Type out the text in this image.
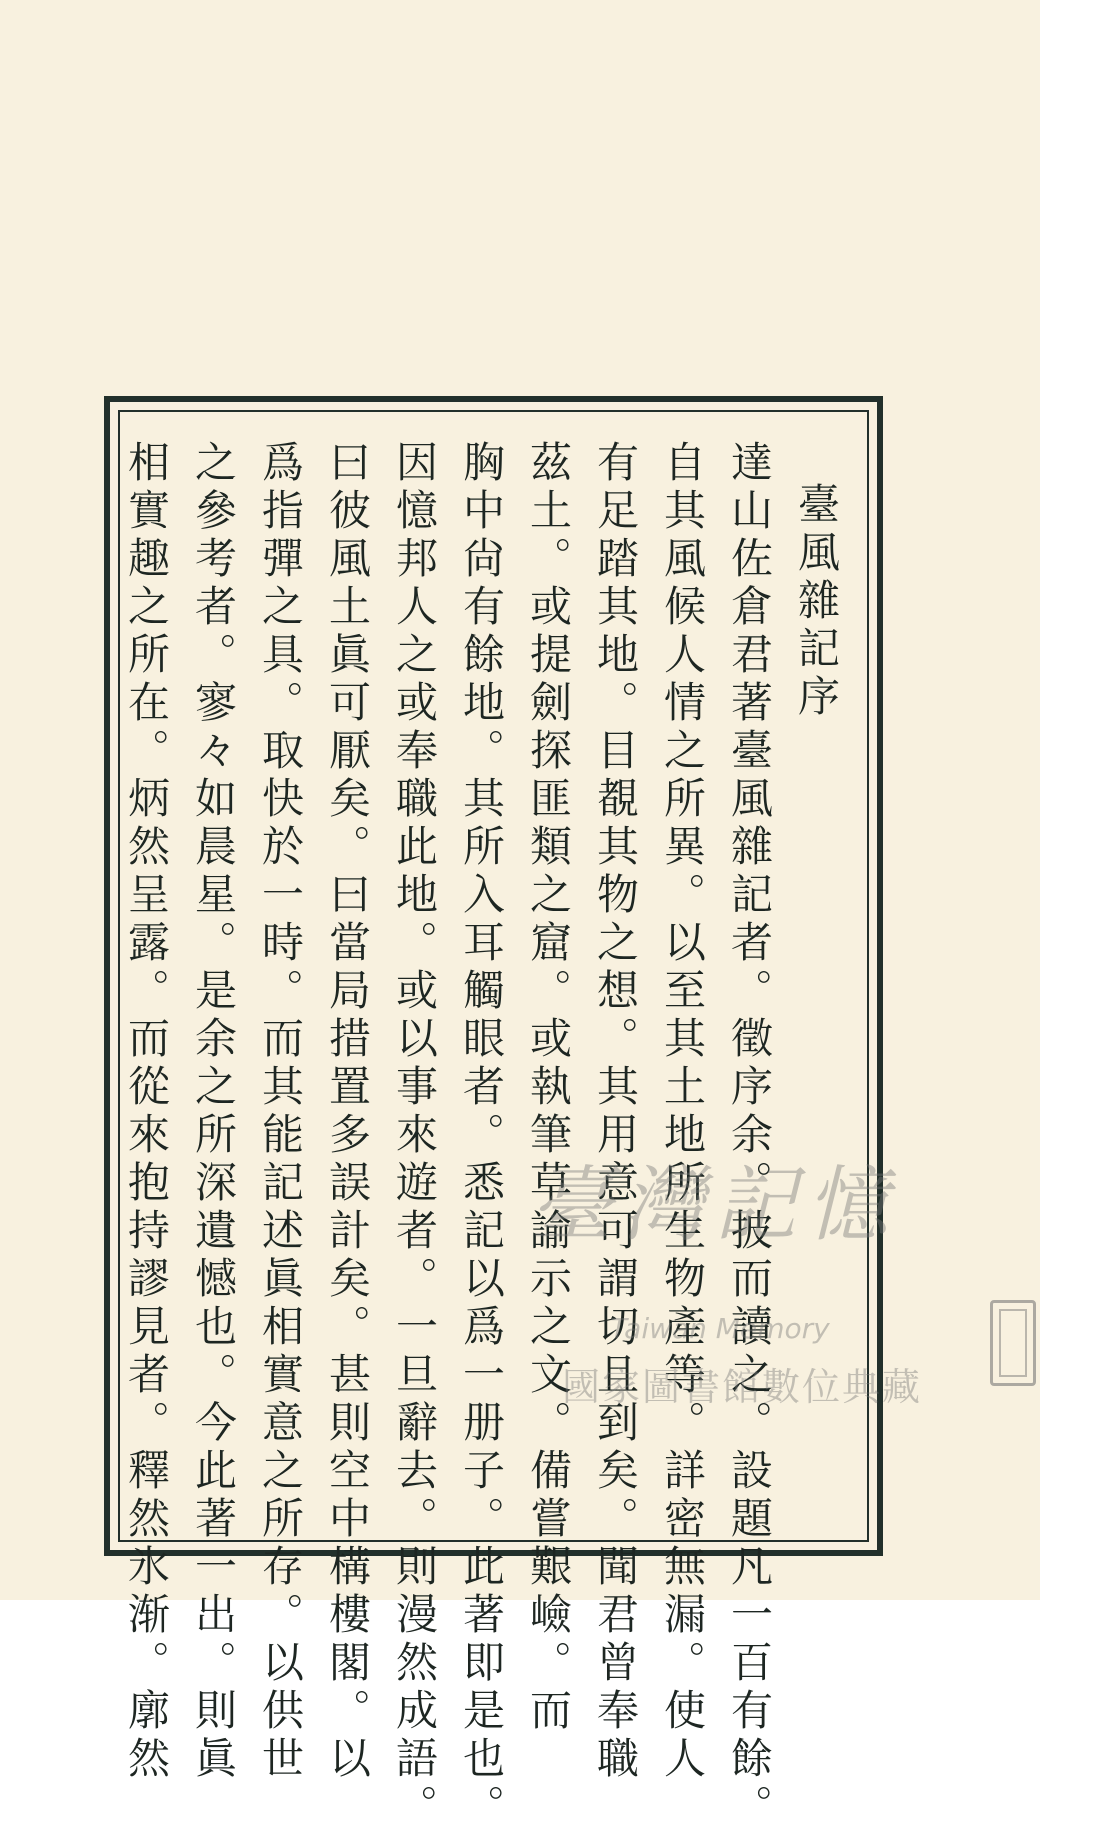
臺風雜記序
達山佐倉君著臺風雜記者。徵序余。披而讀之。設題凡一百有餘。
自其風候人情之所異。以至其土地所生物產等。詳密無漏。使人
有足踏其地。目覩其物之想。其用意可謂切且到矣。聞君曾奉職
茲土。或提劍探匪類之窟。或執筆草諭示之文。備嘗艱嶮。而
胸中尙有餘地。其所入耳觸眼者。悉記以爲一册子。此著即是也。
因憶邦人之或奉職此地。或以事來遊者。一旦辭去。則漫然成語。
曰彼風土眞可厭矣。曰當局措置多誤計矣。甚則空中構樓閣。以
爲指彈之具。取快於一時。而其能記述眞相實意之所存。以供世
之參考者。寥々如晨星。是余之所深遺憾也。今此著一出。則眞
相實趣之所在。炳然呈露。而從來抱持謬見者。釋然氷渐。廓然	臺灣記憶
Taiwan Memory
國家圖書館數位典藏
